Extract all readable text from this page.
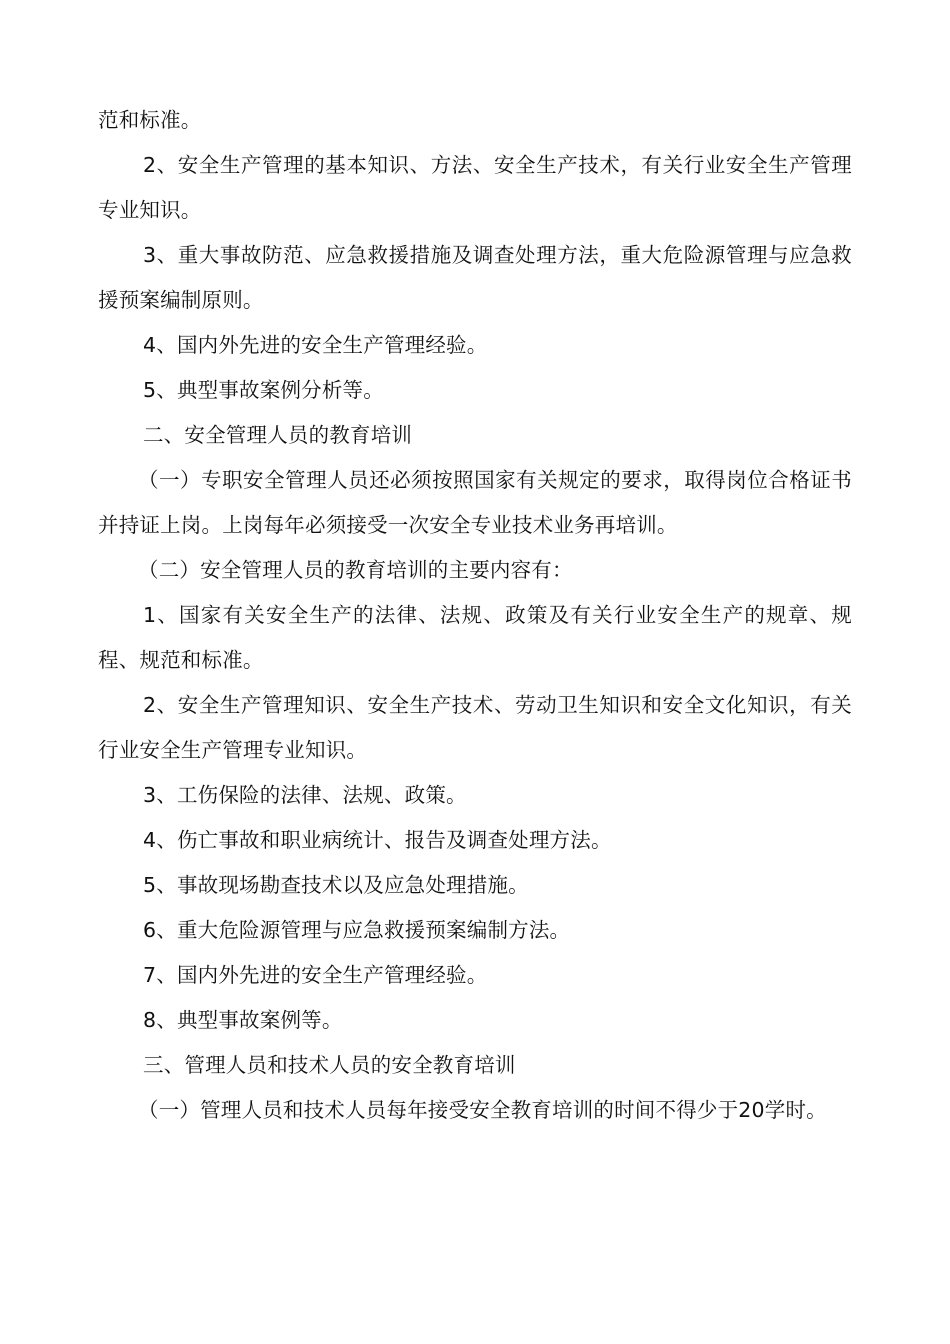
范和标准。

2、安全生产管理的基本知识、方法、安全生产技术，有关行业安全生产管理专业知识。

3、重大事故防范、应急救援措施及调查处理方法，重大危险源管理与应急救援预案编制原则。

4、国内外先进的安全生产管理经验。

5、典型事故案例分析等。

二、安全管理人员的教育培训

（一）专职安全管理人员还必须按照国家有关规定的要求，取得岗位合格证书并持证上岗。上岗每年必须接受一次安全专业技术业务再培训。

（二）安全管理人员的教育培训的主要内容有：

1、国家有关安全生产的法律、法规、政策及有关行业安全生产的规章、规程、规范和标准。

2、安全生产管理知识、安全生产技术、劳动卫生知识和安全文化知识，有关行业安全生产管理专业知识。

3、工伤保险的法律、法规、政策。

4、伤亡事故和职业病统计、报告及调查处理方法。

5、事故现场勘查技术以及应急处理措施。

6、重大危险源管理与应急救援预案编制方法。

7、国内外先进的安全生产管理经验。

8、典型事故案例等。

三、管理人员和技术人员的安全教育培训

（一）管理人员和技术人员每年接受安全教育培训的时间不得少于20学时。
